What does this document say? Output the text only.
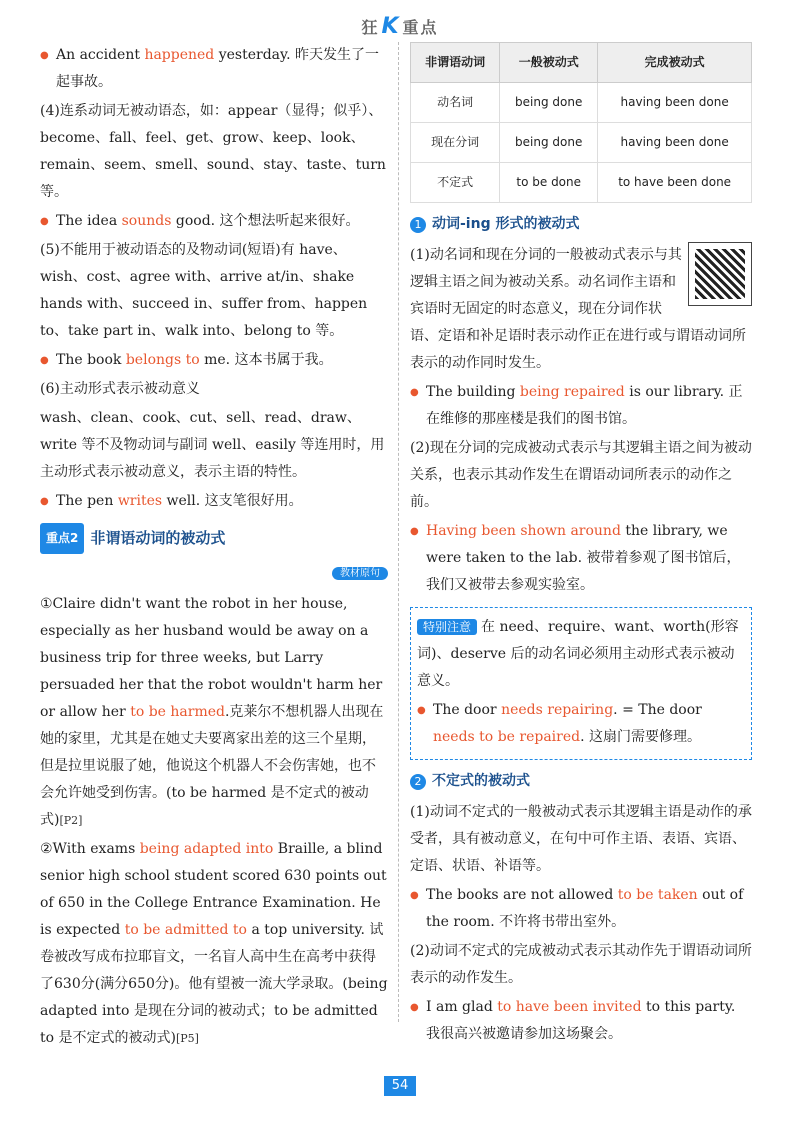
狂K 重点

● An accident happened yesterday. 昨天发生了一起事故。

(4)连系动词无被动语态，如：appear（显得；似乎）、become、fall、feel、get、grow、keep、look、remain、seem、smell、sound、stay、taste、turn 等。

● The idea sounds good. 这个想法听起来很好。

(5)不能用于被动语态的及物动词(短语)有 have、wish、cost、agree with、arrive at/in、shake hands with、succeed in、suffer from、happen to、take part in、walk into、belong to 等。

● The book belongs to me. 这本书属于我。

(6)主动形式表示被动意义

wash、clean、cook、cut、sell、read、draw、write 等不及物动词与副词 well、easily 等连用时，用主动形式表示被动意义，表示主语的特性。

● The pen writes well. 这支笔很好用。

重点2 非谓语动词的被动式
教材原句

①Claire didn't want the robot in her house, especially as her husband would be away on a business trip for three weeks, but Larry persuaded her that the robot wouldn't harm her or allow her to be harmed.克莱尔不想机器人出现在她的家里，尤其是在她丈夫要离家出差的这三个星期，但是拉里说服了她，他说这个机器人不会伤害她，也不会允许她受到伤害。(to be harmed 是不定式的被动式)[P2]

②With exams being adapted into Braille, a blind senior high school student scored 630 points out of 650 in the College Entrance Examination. He is expected to be admitted to a top university. 试卷被改写成布拉耶盲文，一名盲人高中生在高考中获得了630分(满分650分)。他有望被一流大学录取。(being adapted into 是现在分词的被动式；to be admitted to 是不定式的被动式)[P5]

非谓语动词	一般被动式	完成被动式
动名词	being done	having been done
现在分词	being done	having been done
不定式	to be done	to have been done
1 动词-ing 形式的被动式

(1)动名词和现在分词的一般被动式表示与其逻辑主语之间为被动关系。动名词作主语和宾语时无固定的时态意义，现在分词作状语、定语和补足语时表示动作正在进行或与谓语动词所表示的动作同时发生。

● The building being repaired is our library. 正在维修的那座楼是我们的图书馆。

(2)现在分词的完成被动式表示与其逻辑主语之间为被动关系，也表示其动作发生在谓语动词所表示的动作之前。

● Having been shown around the library, we were taken to the lab. 被带着参观了图书馆后，我们又被带去参观实验室。

特别注意 在 need、require、want、worth(形容词)、deserve 后的动名词必须用主动形式表示被动意义。

● The door needs repairing. = The door needs to be repaired. 这扇门需要修理。

2 不定式的被动式

(1)动词不定式的一般被动式表示其逻辑主语是动作的承受者，具有被动意义，在句中可作主语、表语、宾语、定语、状语、补语等。

● The books are not allowed to be taken out of the room. 不许将书带出室外。

(2)动词不定式的完成被动式表示其动作先于谓语动词所表示的动作发生。

● I am glad to have been invited to this party. 我很高兴被邀请参加这场聚会。

54
